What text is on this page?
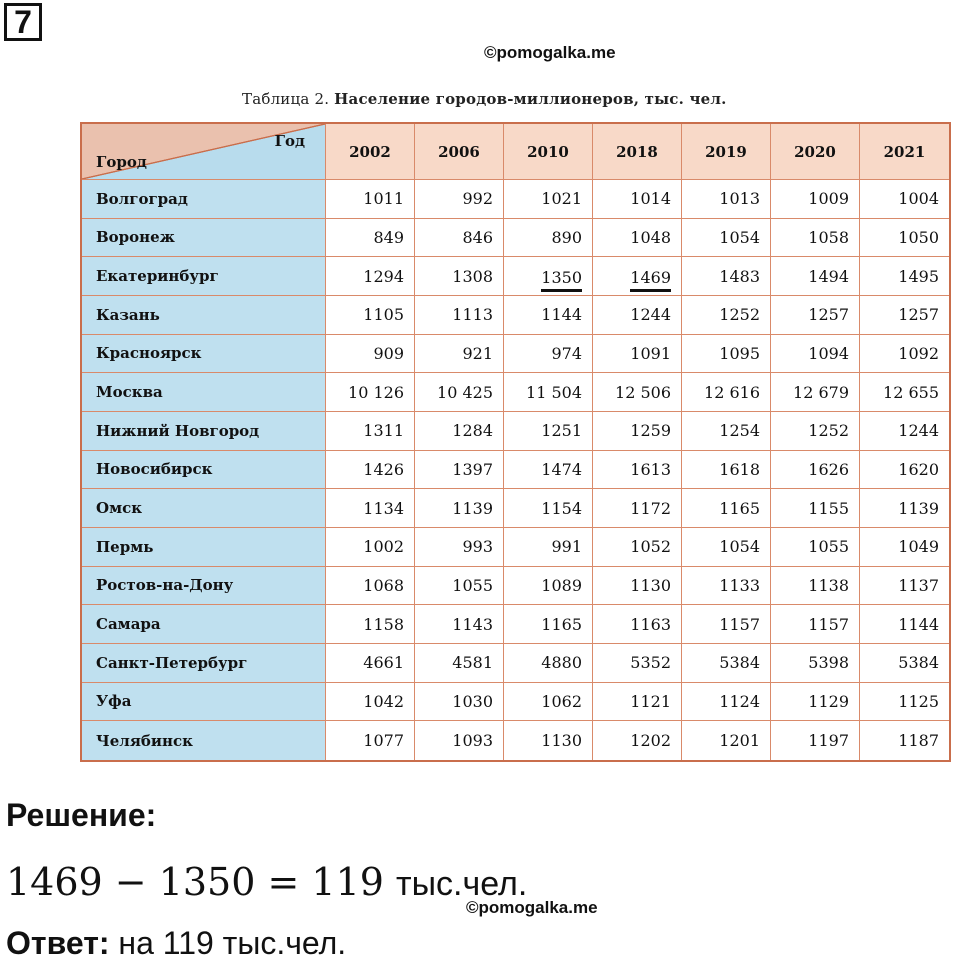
7
©pomogalka.me
Таблица 2. Население городов-миллионеров, тыс. чел.
Год
Город
2002	2006	2010	2018	2019	2020	2021
Волгоград	1011	992	1021	1014	1013	1009	1004
Воронеж	849	846	890	1048	1054	1058	1050
Екатеринбург	1294	1308	1350	1469	1483	1494	1495
Казань	1105	1113	1144	1244	1252	1257	1257
Красноярск	909	921	974	1091	1095	1094	1092
Москва	10 126	10 425	11 504	12 506	12 616	12 679	12 655
Нижний Новгород	1311	1284	1251	1259	1254	1252	1244
Новосибирск	1426	1397	1474	1613	1618	1626	1620
Омск	1134	1139	1154	1172	1165	1155	1139
Пермь	1002	993	991	1052	1054	1055	1049
Ростов-на-Дону	1068	1055	1089	1130	1133	1138	1137
Самара	1158	1143	1165	1163	1157	1157	1144
Санкт-Петербург	4661	4581	4880	5352	5384	5398	5384
Уфа	1042	1030	1062	1121	1124	1129	1125
Челябинск	1077	1093	1130	1202	1201	1197	1187
Решение:
1469 − 1350 = 119 тыс.чел.
©pomogalka.me
Ответ: на 119 тыс.чел.
